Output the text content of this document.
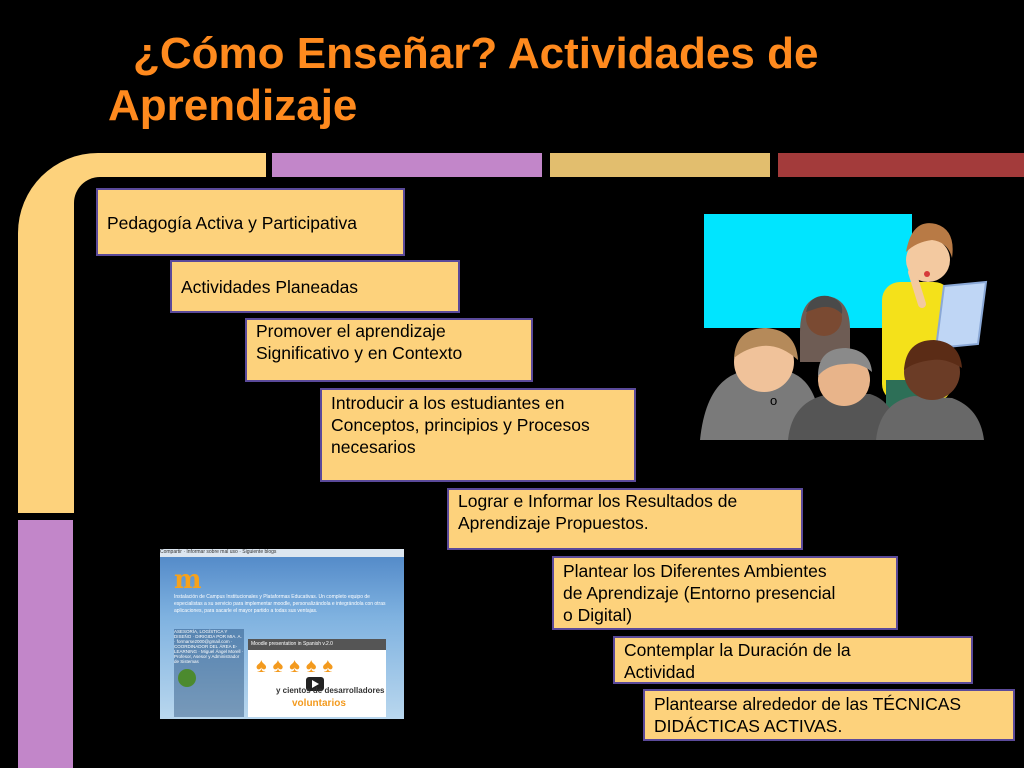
¿Cómo Enseñar? Actividades de
Aprendizaje
Pedagogía Activa y Participativa
Actividades Planeadas
Promover el aprendizaje
Significativo y en Contexto
Introducir a los estudiantes en
Conceptos, principios y Procesos
necesarios
Lograr e Informar los Resultados de
Aprendizaje Propuestos.
Plantear los Diferentes Ambientes
de Aprendizaje (Entorno presencial
o Digital)
Contemplar la Duración de la
Actividad
Plantearse alrededor de las TÉCNICAS
DIDÁCTICAS ACTIVAS.
Compartir · Informar sobre mal uso · Siguiente blogs
m
Instalación de Campus Institucionales y Plataformas Educativas. Un completo equipo de especialistas a su servicio para implementar moodle, personalizándola e integrándola con otras aplicaciones, para sacarle el mayor partido a todas sus ventajas.
ASESORÍA, LOGÍSTICA Y DISEÑO · DIRIGIDA POR MIA. A. · formarse2000@gmail.com · COORDINADOR DEL ÁREA E-LEARNING · Miguel Ángel Morell · Profesor, Asesor y Administrador de Sistemas
Moodle presentation in Spanish v.2.0
♠♠♠♠♠
y cientos de desarrolladores
voluntarios
o
